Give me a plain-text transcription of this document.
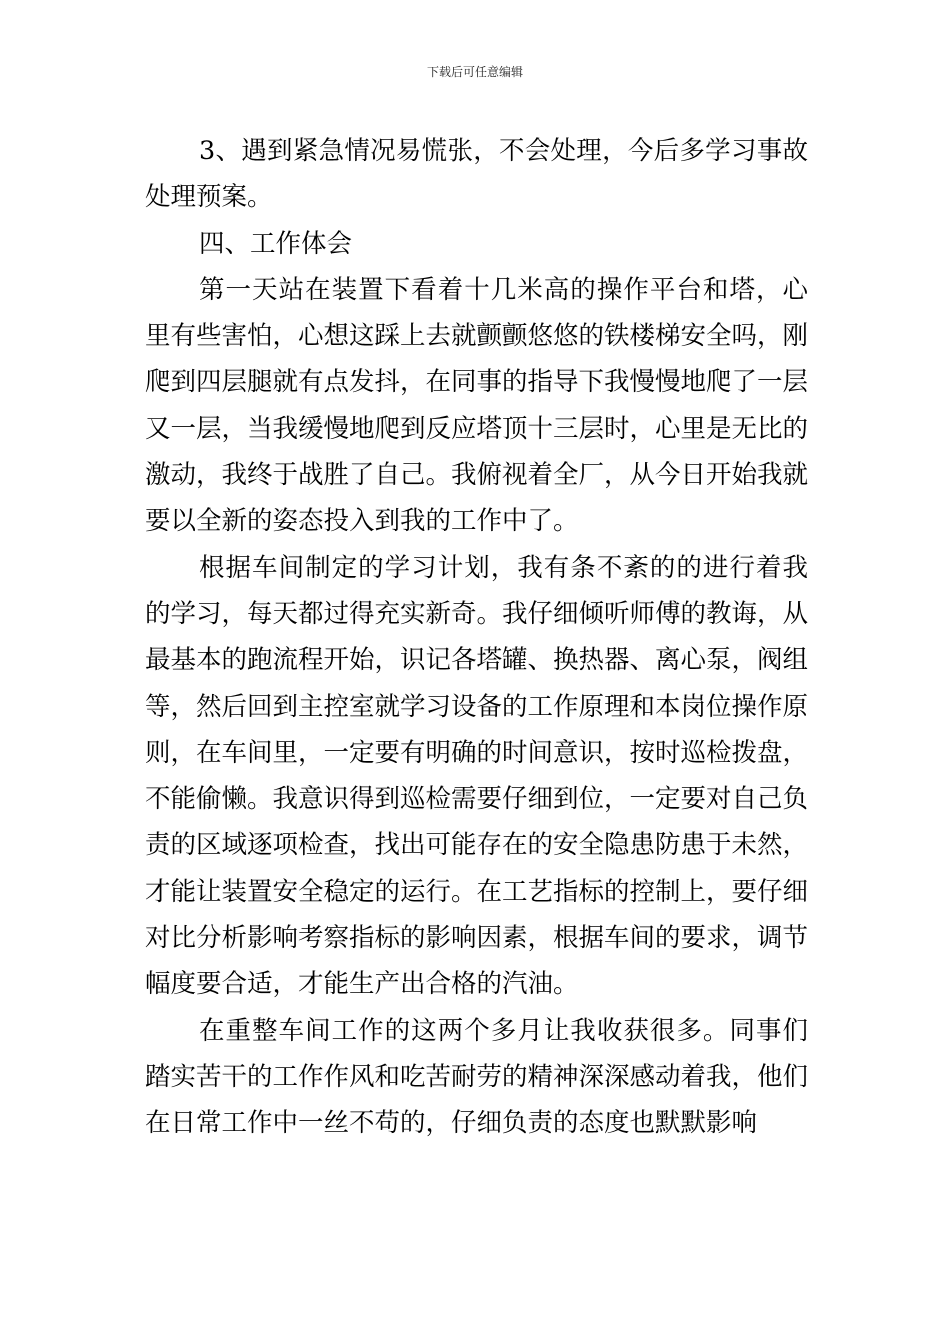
下载后可任意编辑

3、遇到紧急情况易慌张，不会处理，今后多学习事故处理预案。

四、工作体会

第一天站在装置下看着十几米高的操作平台和塔，心里有些害怕，心想这踩上去就颤颤悠悠的铁楼梯安全吗，刚爬到四层腿就有点发抖，在同事的指导下我慢慢地爬了一层又一层，当我缓慢地爬到反应塔顶十三层时，心里是无比的激动，我终于战胜了自己。我俯视着全厂，从今日开始我就要以全新的姿态投入到我的工作中了。

根据车间制定的学习计划，我有条不紊的的进行着我的学习，每天都过得充实新奇。我仔细倾听师傅的教诲，从最基本的跑流程开始，识记各塔罐、换热器、离心泵，阀组等，然后回到主控室就学习设备的工作原理和本岗位操作原则，在车间里，一定要有明确的时间意识，按时巡检拨盘，不能偷懒。我意识得到巡检需要仔细到位，一定要对自己负责的区域逐项检查，找出可能存在的安全隐患防患于未然，才能让装置安全稳定的运行。在工艺指标的控制上，要仔细对比分析影响考察指标的影响因素，根据车间的要求，调节幅度要合适，才能生产出合格的汽油。

在重整车间工作的这两个多月让我收获很多。同事们踏实苦干的工作作风和吃苦耐劳的精神深深感动着我，他们在日常工作中一丝不苟的，仔细负责的态度也默默影响
